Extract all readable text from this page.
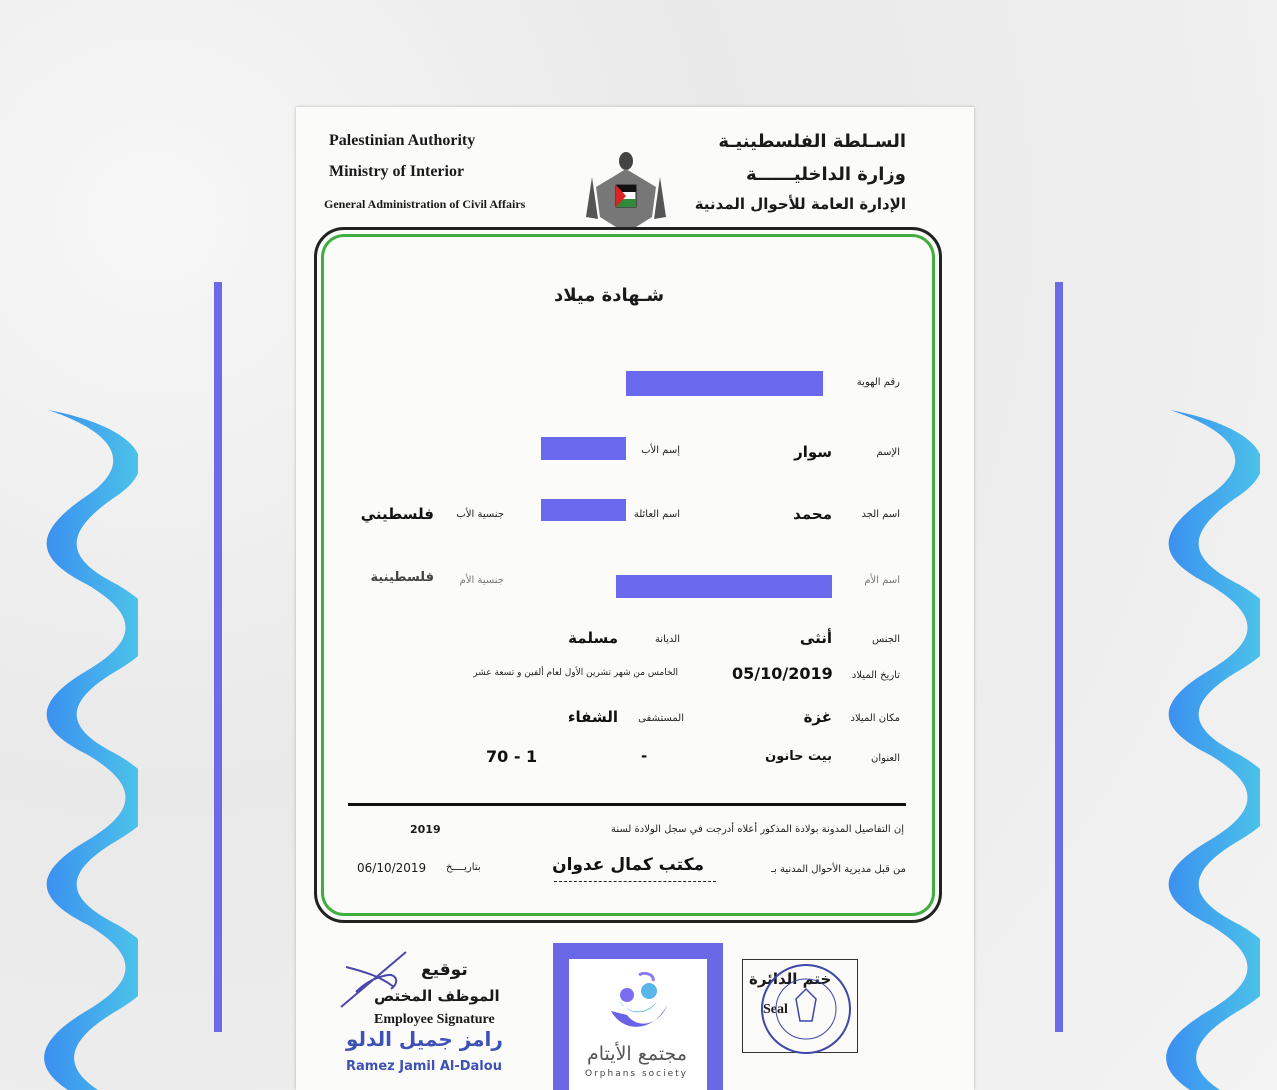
Palestinian Authority
Ministry of Interior
General Administration of Civil Affairs
السـلطة الفلسطينيـة
وزارة الداخليــــــة
الإدارة العامة للأحوال المدنية
شـهادة ميلاد
رقم الهوية
الإسم
سوار
إسم الأب
اسم الجد
محمد
اسم العائلة
جنسية الأب
فلسطيني
اسم الأم
جنسية الأم
فلسطينية
الجنس
أنثى
الديانة
مسلمة
تاريخ الميلاد
05/10/2019
الخامس من شهر تشرين الأول لعام ألفين و تسعة عشر
مكان الميلاد
غزة
المستشفى
الشفاء
العنوان
بيت حانون
-
70 - 1
إن التفاصيل المدونة بولادة المذكور أعلاه أدرجت في سجل الولادة لسنة
2019
من قبل مديرية الأحوال المدنية بـ
مكتب كمال عدوان
بتاريــــخ
06/10/2019
توقيع
الموظف المختص
Employee Signature
رامز جميل الدلو
Ramez Jamil Al-Dalou
ختم الدائرة
Seal
مجتمع الأيتام
Orphans society
